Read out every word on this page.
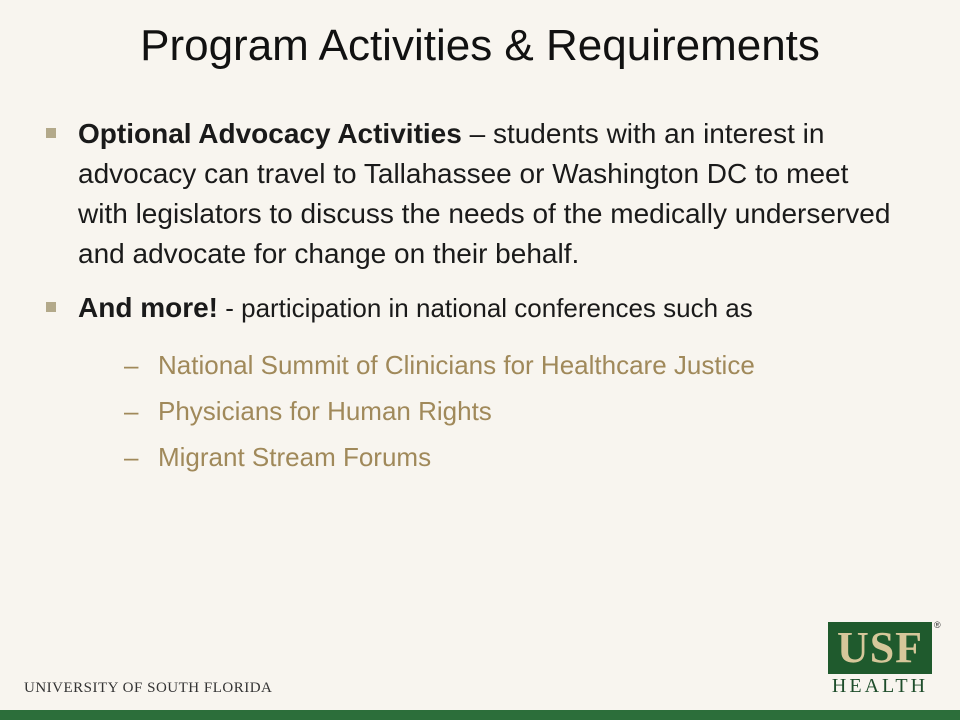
Program Activities & Requirements
Optional Advocacy Activities – students with an interest in advocacy can travel to Tallahassee or Washington DC to meet with legislators to discuss the needs of the medically underserved and advocate for change on their behalf.
And more! - participation in national conferences such as
– National Summit of Clinicians for Healthcare Justice
– Physicians for Human Rights
– Migrant Stream Forums
UNIVERSITY OF SOUTH FLORIDA
USF	®
HEALTH
